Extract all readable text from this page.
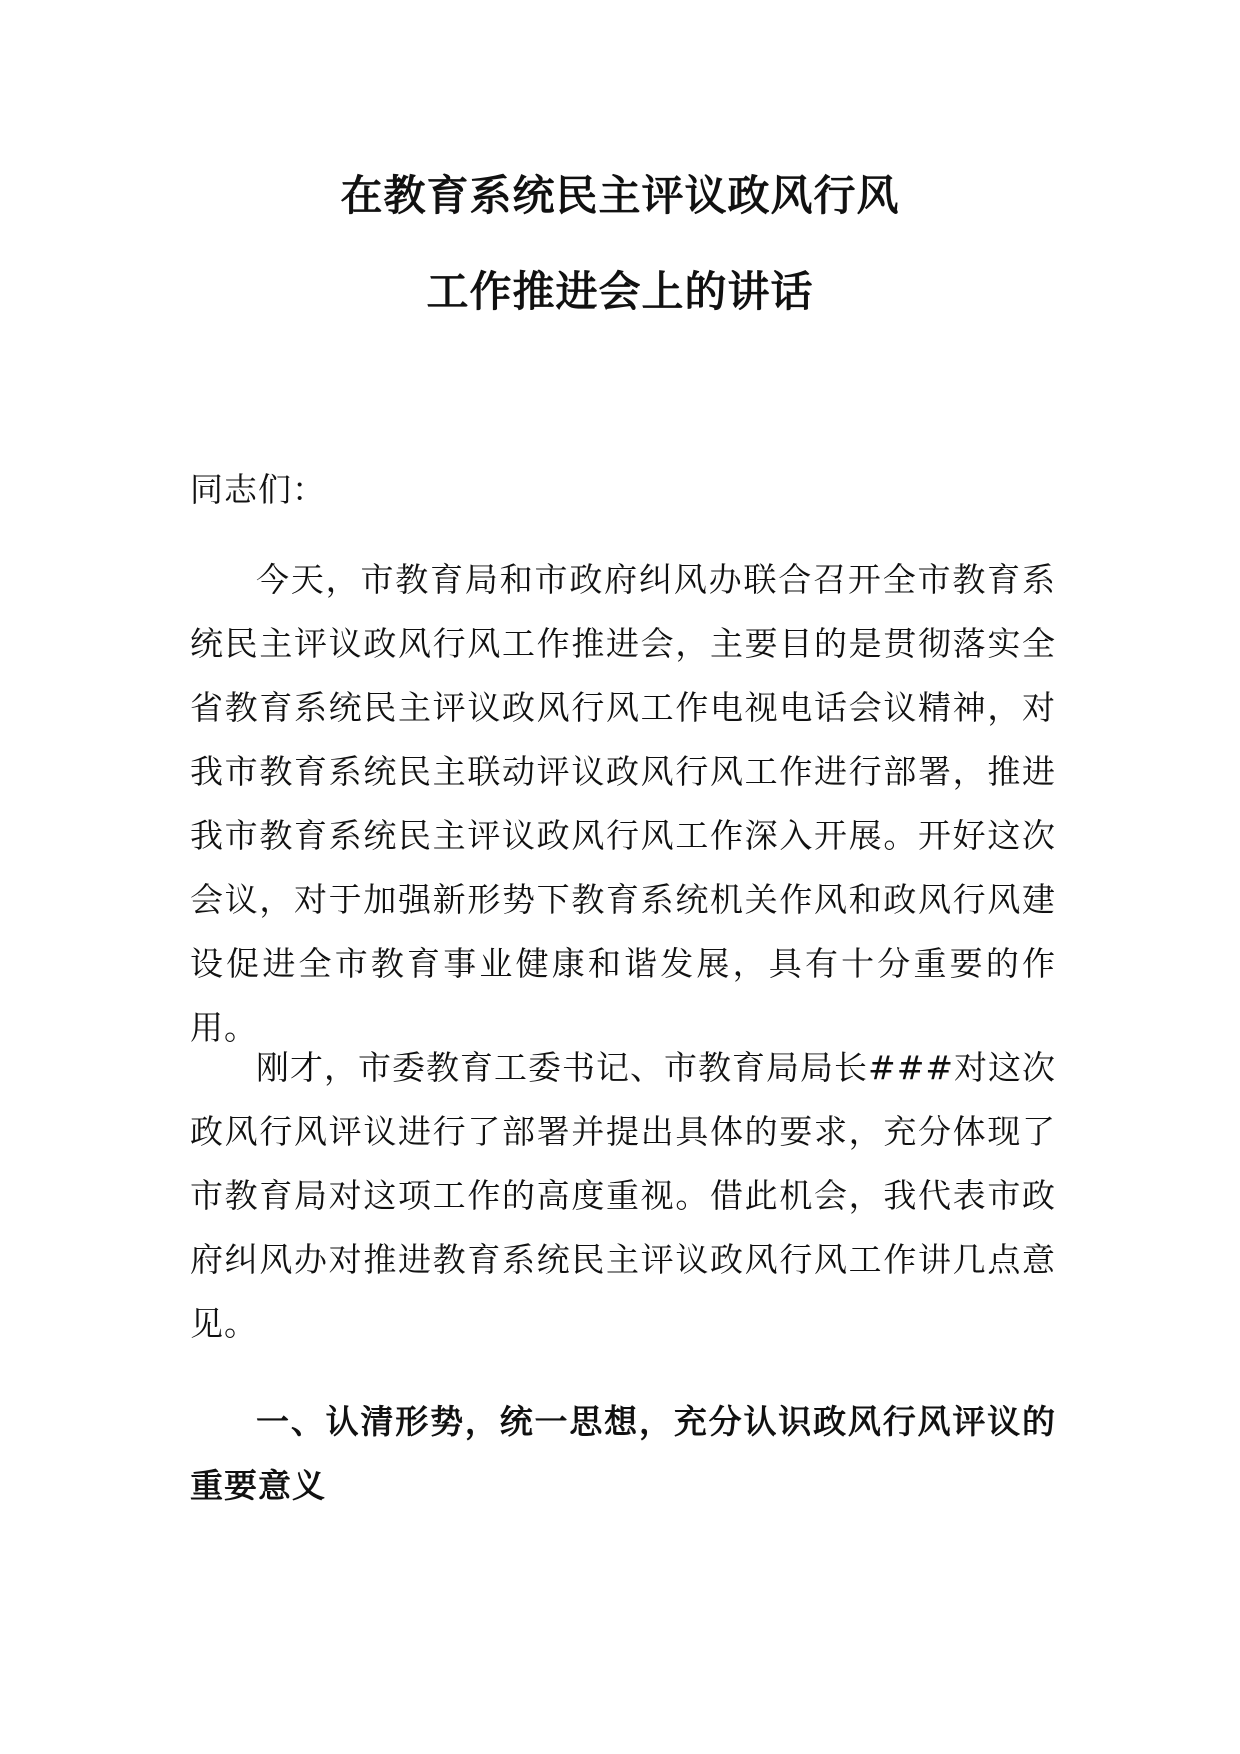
在教育系统民主评议政风行风
工作推进会上的讲话
同志们：
今天，市教育局和市政府纠风办联合召开全市教育系统民主评议政风行风工作推进会，主要目的是贯彻落实全省教育系统民主评议政风行风工作电视电话会议精神，对我市教育系统民主联动评议政风行风工作进行部署，推进我市教育系统民主评议政风行风工作深入开展。开好这次会议，对于加强新形势下教育系统机关作风和政风行风建设促进全市教育事业健康和谐发展，具有十分重要的作用。
刚才，市委教育工委书记、市教育局局长###对这次政风行风评议进行了部署并提出具体的要求，充分体现了市教育局对这项工作的高度重视。借此机会，我代表市政府纠风办对推进教育系统民主评议政风行风工作讲几点意见。
一、认清形势，统一思想，充分认识政风行风评议的重要意义
